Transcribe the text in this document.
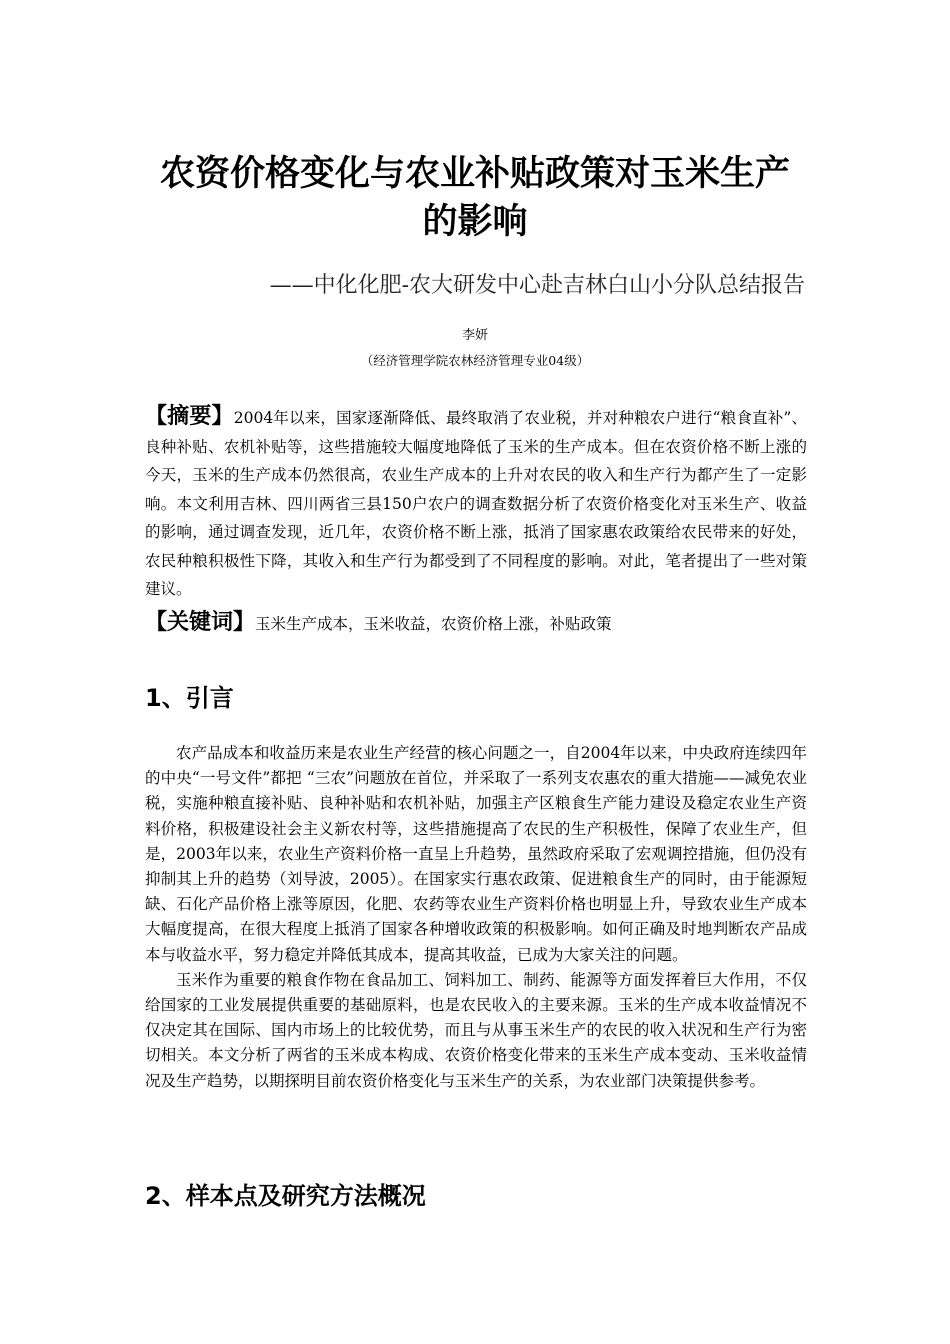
农资价格变化与农业补贴政策对玉米生产
的影响
——中化化肥-农大研发中心赴吉林白山小分队总结报告
李妍
（经济管理学院农林经济管理专业04级）
【摘要】2004年以来，国家逐渐降低、最终取消了农业税，并对种粮农户进行“粮食直补”、良种补贴、农机补贴等，这些措施较大幅度地降低了玉米的生产成本。但在农资价格不断上涨的今天，玉米的生产成本仍然很高，农业生产成本的上升对农民的收入和生产行为都产生了一定影响。本文利用吉林、四川两省三县150户农户的调查数据分析了农资价格变化对玉米生产、收益的影响，通过调查发现，近几年，农资价格不断上涨，抵消了国家惠农政策给农民带来的好处，农民种粮积极性下降，其收入和生产行为都受到了不同程度的影响。对此，笔者提出了一些对策建议。
【关键词】玉米生产成本，玉米收益，农资价格上涨，补贴政策
1、引言

农产品成本和收益历来是农业生产经营的核心问题之一，自2004年以来，中央政府连续四年的中央“一号文件”都把 “三农”问题放在首位，并采取了一系列支农惠农的重大措施——减免农业税，实施种粮直接补贴、良种补贴和农机补贴，加强主产区粮食生产能力建设及稳定农业生产资料价格，积极建设社会主义新农村等，这些措施提高了农民的生产积极性，保障了农业生产，但是，2003年以来，农业生产资料价格一直呈上升趋势，虽然政府采取了宏观调控措施，但仍没有抑制其上升的趋势（刘导波，2005）。在国家实行惠农政策、促进粮食生产的同时，由于能源短缺、石化产品价格上涨等原因，化肥、农药等农业生产资料价格也明显上升，导致农业生产成本大幅度提高，在很大程度上抵消了国家各种增收政策的积极影响。如何正确及时地判断农产品成本与收益水平，努力稳定并降低其成本，提高其收益，已成为大家关注的问题。

玉米作为重要的粮食作物在食品加工、饲料加工、制药、能源等方面发挥着巨大作用，不仅给国家的工业发展提供重要的基础原料，也是农民收入的主要来源。玉米的生产成本收益情况不仅决定其在国际、国内市场上的比较优势，而且与从事玉米生产的农民的收入状况和生产行为密切相关。本文分析了两省的玉米成本构成、农资价格变化带来的玉米生产成本变动、玉米收益情况及生产趋势，以期探明目前农资价格变化与玉米生产的关系，为农业部门决策提供参考。

2、样本点及研究方法概况
